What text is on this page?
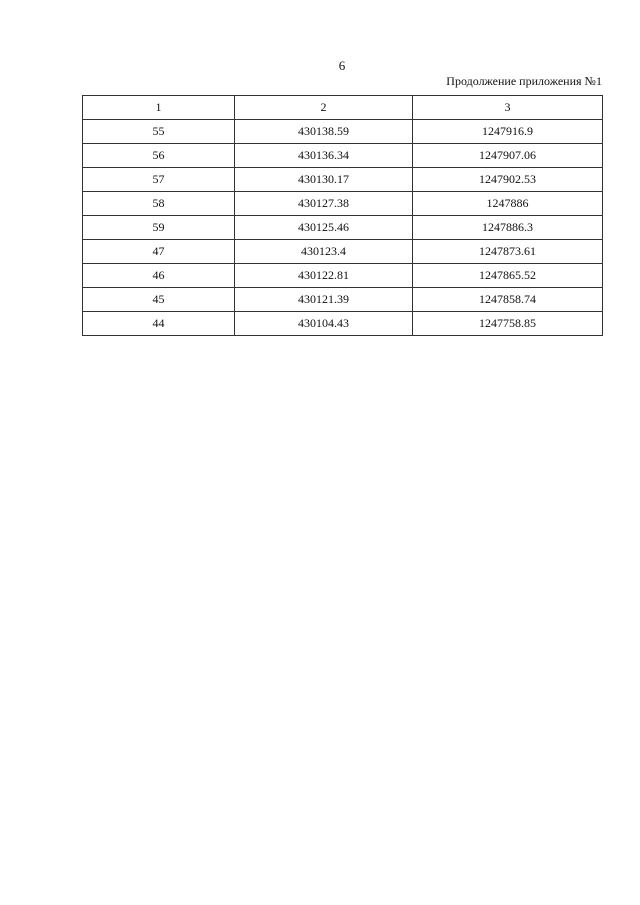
6
Продолжение приложения №1
1	2	3
55	430138.59	1247916.9
56	430136.34	1247907.06
57	430130.17	1247902.53
58	430127.38	1247886
59	430125.46	1247886.3
47	430123.4	1247873.61
46	430122.81	1247865.52
45	430121.39	1247858.74
44	430104.43	1247758.85
